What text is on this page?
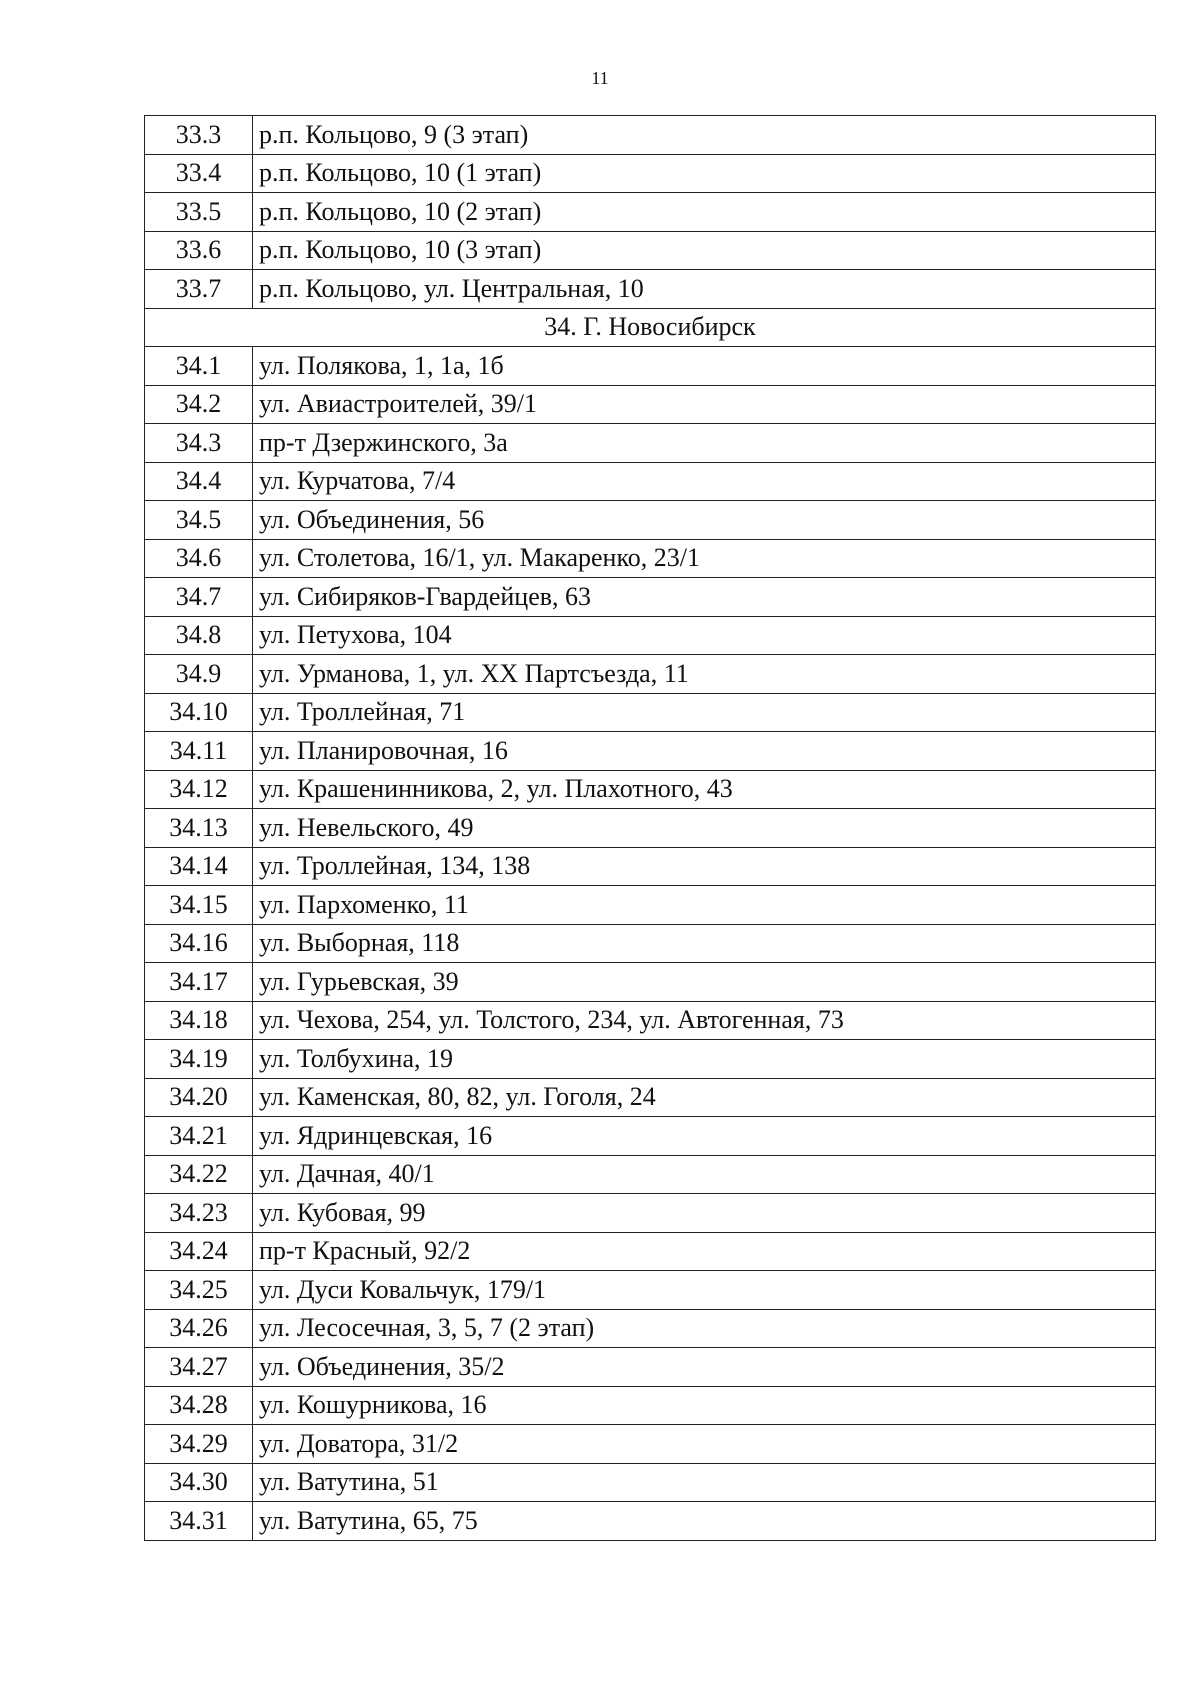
11
33.3	р.п. Кольцово, 9 (3 этап)
33.4	р.п. Кольцово, 10 (1 этап)
33.5	р.п. Кольцово, 10 (2 этап)
33.6	р.п. Кольцово, 10 (3 этап)
33.7	р.п. Кольцово, ул. Центральная, 10
34. Г. Новосибирск	
34.1	ул. Полякова, 1, 1а, 1б
34.2	ул. Авиастроителей, 39/1
34.3	пр-т Дзержинского, 3а
34.4	ул. Курчатова, 7/4
34.5	ул. Объединения, 56
34.6	ул. Столетова, 16/1, ул. Макаренко, 23/1
34.7	ул. Сибиряков-Гвардейцев, 63
34.8	ул. Петухова, 104
34.9	ул. Урманова, 1, ул. ХХ Партсъезда, 11
34.10	ул. Троллейная, 71
34.11	ул. Планировочная, 16
34.12	ул. Крашенинникова, 2, ул. Плахотного, 43
34.13	ул. Невельского, 49
34.14	ул. Троллейная, 134, 138
34.15	ул. Пархоменко, 11
34.16	ул. Выборная, 118
34.17	ул. Гурьевская, 39
34.18	ул. Чехова, 254, ул. Толстого, 234, ул. Автогенная, 73
34.19	ул. Толбухина, 19
34.20	ул. Каменская, 80, 82, ул. Гоголя, 24
34.21	ул. Ядринцевская, 16
34.22	ул. Дачная, 40/1
34.23	ул. Кубовая, 99
34.24	пр-т Красный, 92/2
34.25	ул. Дуси Ковальчук, 179/1
34.26	ул. Лесосечная, 3, 5, 7 (2 этап)
34.27	ул. Объединения, 35/2
34.28	ул. Кошурникова, 16
34.29	ул. Доватора, 31/2
34.30	ул. Ватутина, 51
34.31	ул. Ватутина, 65, 75
